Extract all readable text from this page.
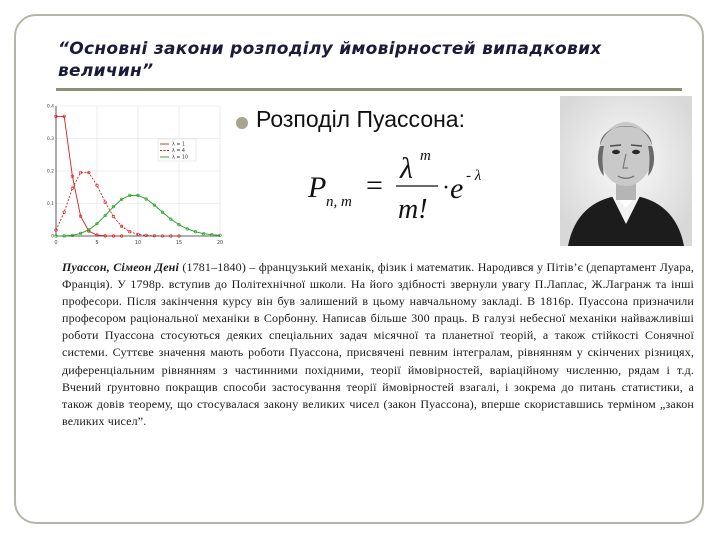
“Основні закони розподілу ймовірностей випадкових величин”
Розподіл Пуассона:
P n, m =
λ m
m!
· e - λ
0	5	10	15	20
0
0.1
0.2
0.3
0.4
λ = 1
λ = 4
λ = 10
Пуассон, Сімеон Дені (1781–1840) – французький механік, фізик і математик. Народився у Пітів’є (департамент Луара, Франція). У 1798р. вступив до Політехнічної школи. На його здібності звернули увагу П.Лаплас, Ж.Лагранж та інші професори. Після закінчення курсу він був залишений в цьому навчальному закладі. В 1816р. Пуассона призначили професором раціональної механіки в Сорбонну. Написав більше 300 праць. В галузі небесної механіки найважливіші роботи Пуассона стосуються деяких спеціальних задач місячної та планетної теорій, а також стійкості Сонячної системи. Суттєве значення мають роботи Пуассона, присвячені певним інтегралам, рівнянням у скінчених різницях, диференціальним рівнянням з частинними похідними, теорії ймовірностей, варіаційному численню, рядам і т.д. Вчений ґрунтовно покращив способи застосування теорії ймовірностей взагалі, і зокрема до питань статистики, а також довів теорему, що стосувалася закону великих чисел (закон Пуассона), вперше скориставшись терміном „закон великих чисел”.
